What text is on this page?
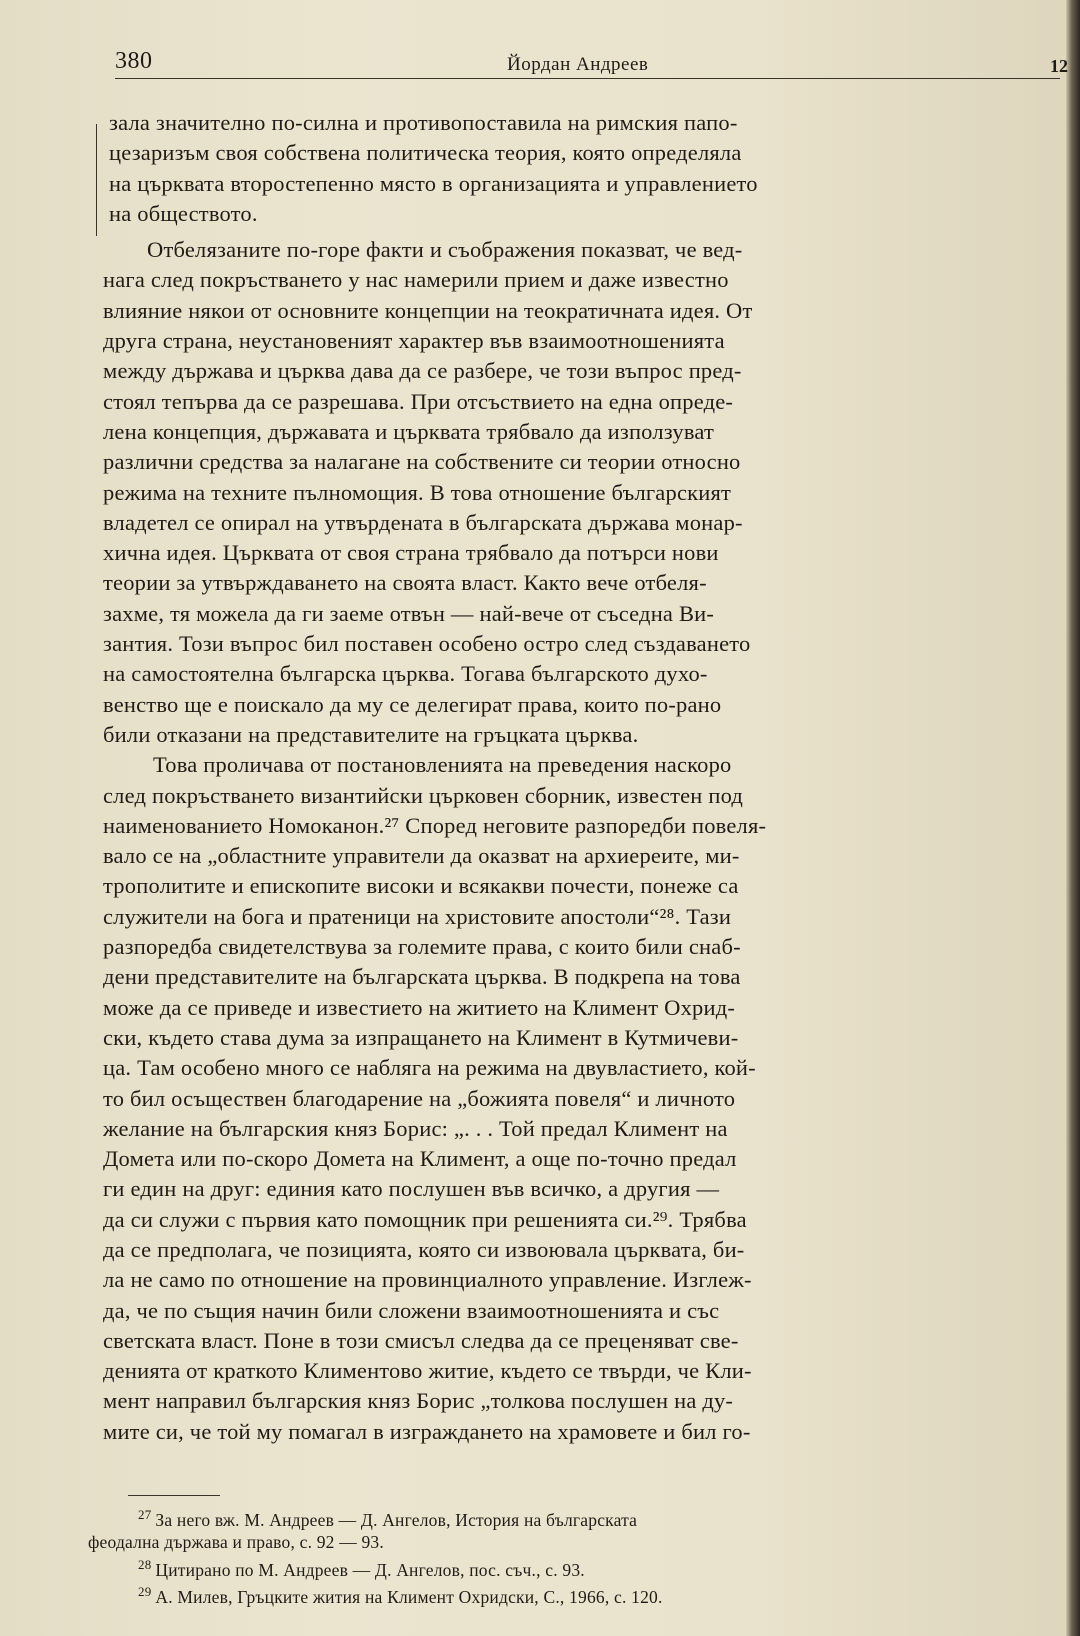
380	Йордан Андреев	12
зала значително по-силна и противопоставила на римския папо-
цезаризъм своя собствена политическа теория, която определяла
на църквата второстепенно място в организацията и управлението
на обществото.
Отбелязаните по-горе факти и съображения показват, че вед-
нага след покръстването у нас намерили прием и даже известно
влияние някои от основните концепции на теократичната идея. От
друга страна, неустановеният характер във взаимоотношенията
между държава и църква дава да се разбере, че този въпрос пред-
стоял тепърва да се разрешава. При отсъствието на една опреде-
лена концепция, държавата и църквата трябвало да използуват
различни средства за налагане на собствените си теории относно
режима на техните пълномощия. В това отношение българският
владетел се опирал на утвърдената в българската държава монар-
хична идея. Църквата от своя страна трябвало да потърси нови
теории за утвърждаването на своята власт. Както вече отбеля-
захме, тя можела да ги заеме отвън — най-вече от съседна Ви-
зантия. Този въпрос бил поставен особено остро след създаването
на самостоятелна българска църква. Тогава българското духо-
венство ще е поискало да му се делегират права, които по-рано
били отказани на представителите на гръцката църква.
Това проличава от постановленията на преведения наскоро
след покръстването византийски църковен сборник, известен под
наименованието Номоканон.²⁷ Според неговите разпоредби повеля-
вало се на „областните управители да оказват на архиереите, ми-
трополитите и епископите високи и всякакви почести, понеже са
служители на бога и пратеници на христовите апостоли“²⁸. Тази
разпоредба свидетелствува за големите права, с които били снаб-
дени представителите на българската църква. В подкрепа на това
може да се приведе и известието на житието на Климент Охрид-
ски, където става дума за изпращането на Климент в Кутмичеви-
ца. Там особено много се набляга на режима на двувластието, кой-
то бил осъществен благодарение на „божията повеля“ и личното
желание на българския княз Борис: „. . . Той предал Климент на
Домета или по-скоро Домета на Климент, а още по-точно предал
ги един на друг: единия като послушен във всичко, а другия —
да си служи с първия като помощник при решенията си.²⁹. Трябва
да се предполага, че позицията, която си извоювала църквата, би-
ла не само по отношение на провинциалното управление. Изглеж-
да, че по същия начин били сложени взаимоотношенията и със
светската власт. Поне в този смисъл следва да се преценяват све-
денията от краткото Климентово житие, където се твърди, че Кли-
мент направил българския княз Борис „толкова послушен на ду-
мите си, че той му помагал в изграждането на храмовете и бил го-

$^{27}$ За него вж. М. Андреев — Д. Ангелов, История на българската

феодална държава и право, с. 92 — 93.

$^{28}$ Цитирано по М. Андреев — Д. Ангелов, пос. съч., с. 93.

$^{29}$ А. Милев, Гръцките жития на Климент Охридски, С., 1966, с. 120.
